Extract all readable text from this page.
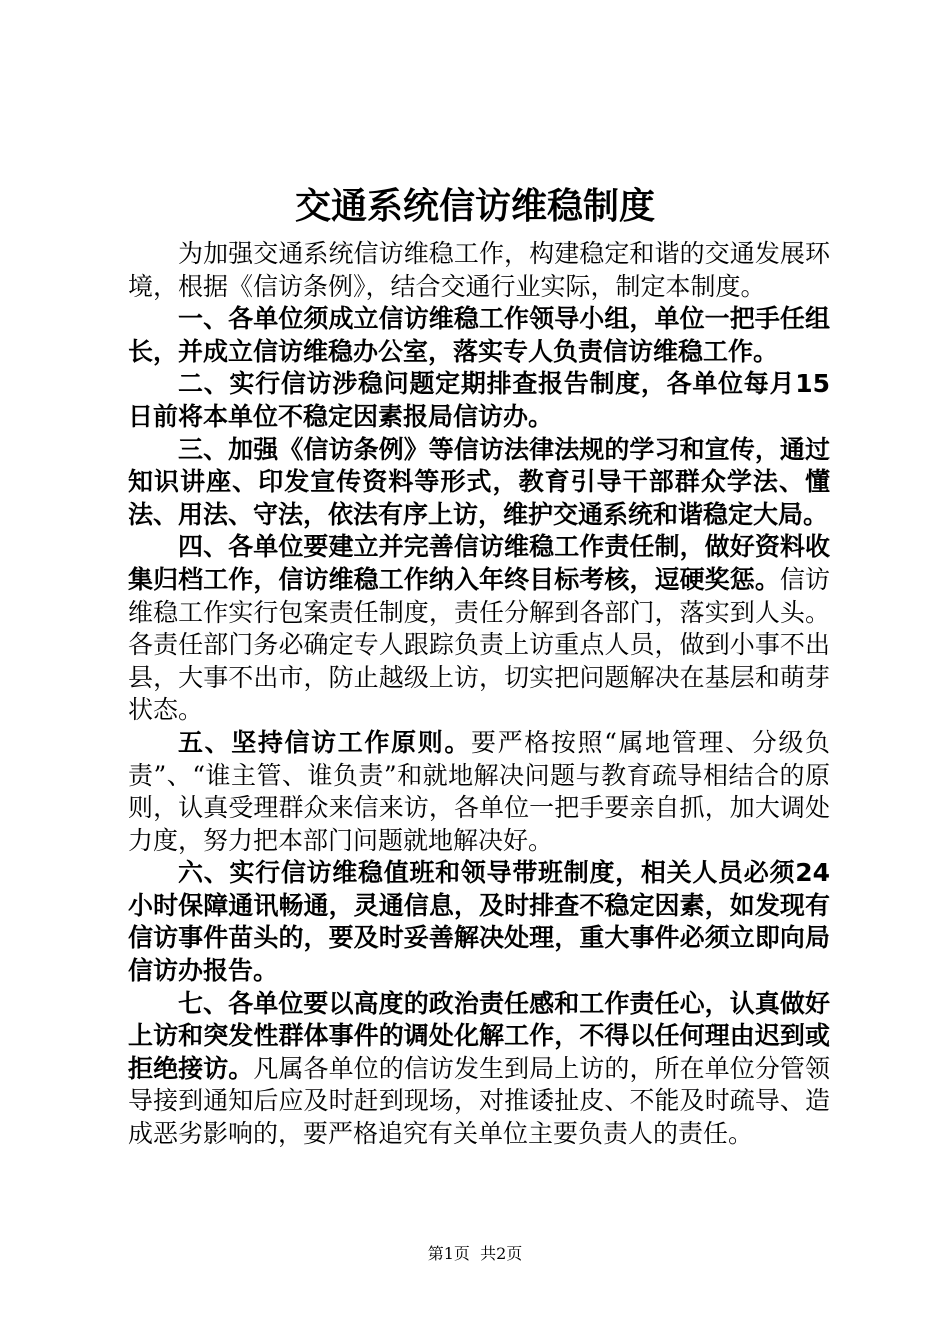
交通系统信访维稳制度

为加强交通系统信访维稳工作，构建稳定和谐的交通发展环境，根据《信访条例》，结合交通行业实际，制定本制度。

一、各单位须成立信访维稳工作领导小组，单位一把手任组长，并成立信访维稳办公室，落实专人负责信访维稳工作。

二、实行信访涉稳问题定期排查报告制度，各单位每月15日前将本单位不稳定因素报局信访办。

三、加强《信访条例》等信访法律法规的学习和宣传，通过知识讲座、印发宣传资料等形式，教育引导干部群众学法、懂法、用法、守法，依法有序上访，维护交通系统和谐稳定大局。

四、各单位要建立并完善信访维稳工作责任制，做好资料收集归档工作，信访维稳工作纳入年终目标考核，逗硬奖惩。信访维稳工作实行包案责任制度，责任分解到各部门，落实到人头。各责任部门务必确定专人跟踪负责上访重点人员，做到小事不出县，大事不出市，防止越级上访，切实把问题解决在基层和萌芽状态。

五、坚持信访工作原则。要严格按照“属地管理、分级负责”、“谁主管、谁负责”和就地解决问题与教育疏导相结合的原则，认真受理群众来信来访，各单位一把手要亲自抓，加大调处力度，努力把本部门问题就地解决好。

六、实行信访维稳值班和领导带班制度，相关人员必须24小时保障通讯畅通，灵通信息，及时排查不稳定因素，如发现有信访事件苗头的，要及时妥善解决处理，重大事件必须立即向局信访办报告。

七、各单位要以高度的政治责任感和工作责任心，认真做好上访和突发性群体事件的调处化解工作，不得以任何理由迟到或拒绝接访。凡属各单位的信访发生到局上访的，所在单位分管领导接到通知后应及时赶到现场，对推诿扯皮、不能及时疏导、造成恶劣影响的，要严格追究有关单位主要负责人的责任。

第1页 共2页
